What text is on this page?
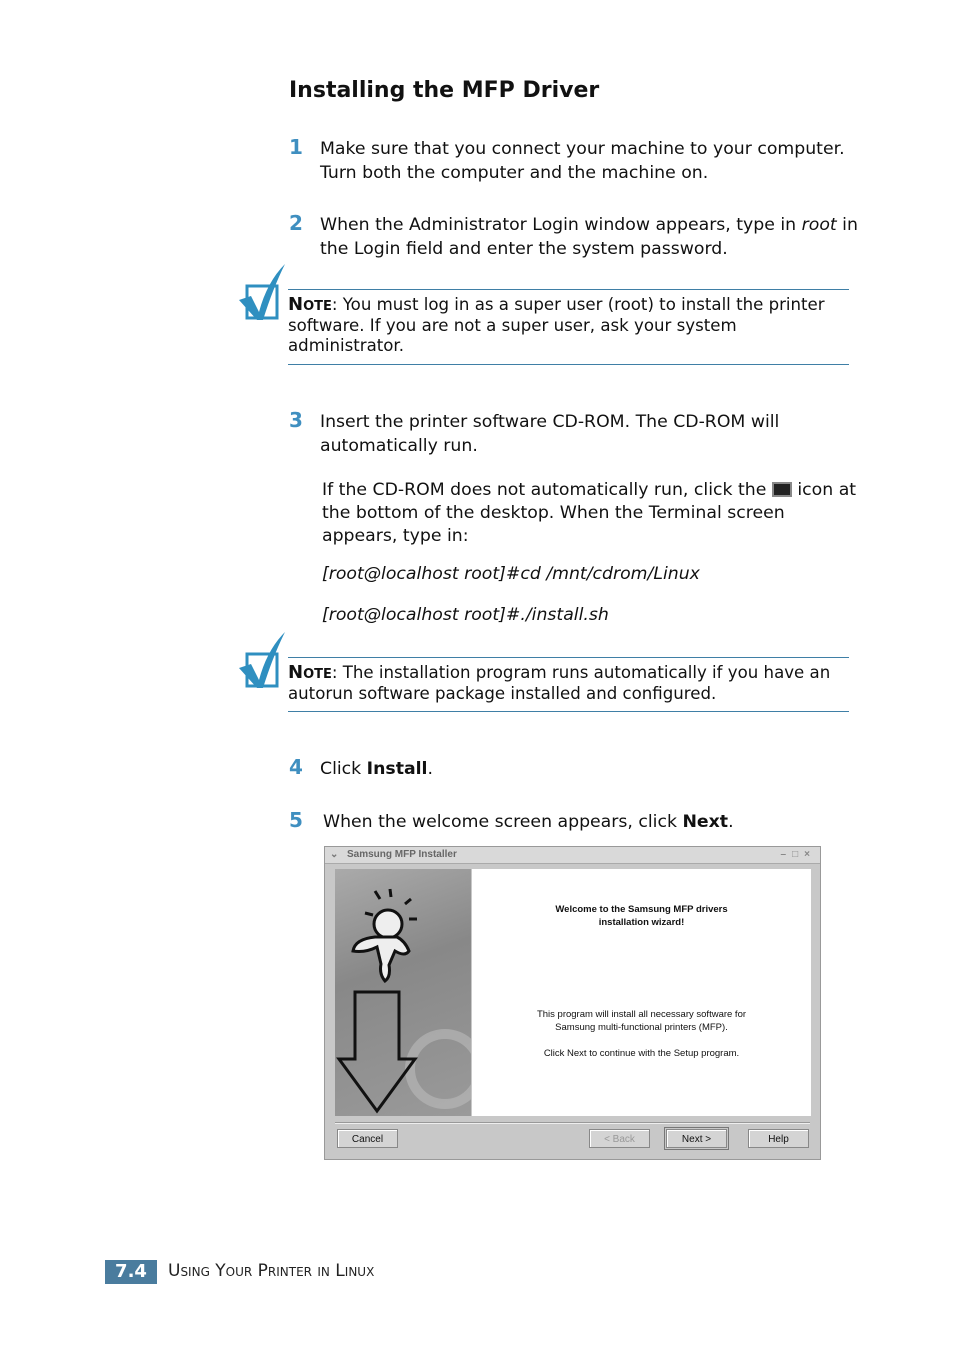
Installing the MFP Driver
1 Make sure that you connect your machine to your computer. Turn both the computer and the machine on.
2 When the Administrator Login window appears, type in root in the Login field and enter the system password.
Note: You must log in as a super user (root) to install the printer software. If you are not a super user, ask your system administrator.
3 Insert the printer software CD-ROM. The CD-ROM will automatically run.
If the CD-ROM does not automatically run, click the  icon at the bottom of the desktop. When the Terminal screen appears, type in:
[root@localhost root]#cd /mnt/cdrom/Linux
[root@localhost root]#./install.sh
Note: The installation program runs automatically if you have an autorun software package installed and configured.
4 Click Install.
5 When the welcome screen appears, click Next.
⌄ Samsung MFP Installer	–□×
Welcome to the Samsung MFP drivers installation wizard!
This program will install all necessary software for Samsung multi-functional printers (MFP).
Click Next to continue with the Setup program.
Cancel	< Back	Next >	Help
7.4	Using Your Printer in Linux
